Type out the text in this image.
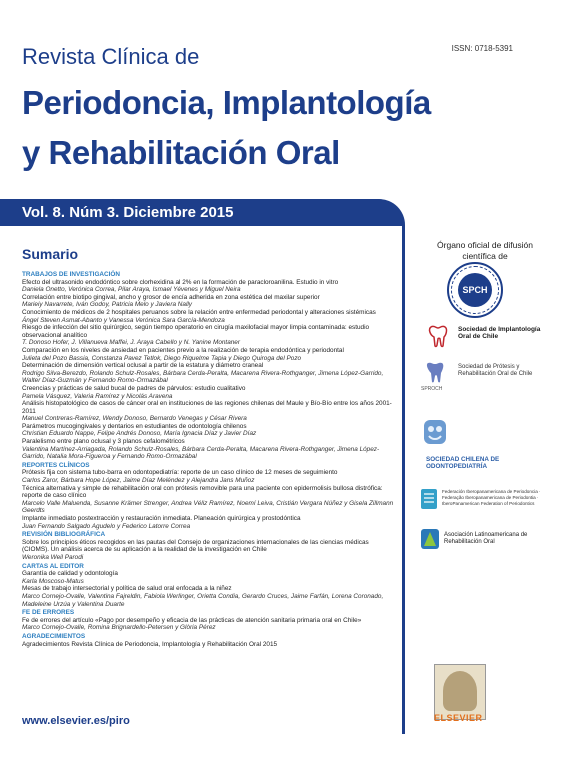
ISSN: 0718-5391
Revista Clínica de
Periodoncia, Implantología
y Rehabilitación Oral
Vol. 8. Núm 3. Diciembre 2015
Sumario
TRABAJOS DE INVESTIGACIÓN
Efecto del ultrasonido endodóntico sobre clorhexidina al 2% en la formación de paracloroanilina. Estudio in vitro
Daniela Onetto, Verónica Correa, Pilar Araya, Ismael Yévenes y Miguel Neira
Correlación entre biotipo gingival, ancho y grosor de encía adherida en zona estética del maxilar superior
Marieiy Navarrete, Iván Godoy, Patricia Melo y Javiera Nally
Conocimiento de médicos de 2 hospitales peruanos sobre la relación entre enfermedad periodontal y alteraciones sistémicas
Ángel Steven Asmat-Abanto y Vanessa Verónica Sara García-Mendoza
Riesgo de infección del sitio quirúrgico, según tiempo operatorio en cirugía maxilofacial mayor limpia contaminada: estudio observacional analítico
T. Donoso Hofer, J. Villanueva Maffei, J. Araya Cabello y N. Yanine Montaner
Comparación en los niveles de ansiedad en pacientes previo a la realización de terapia endodóntica y periodontal
Julieta del Pozo Bassia, Constanza Pavez Tetlok, Diego Riquelme Tapia y Diego Quiroga del Pozo
Determinación de dimensión vertical oclusal a partir de la estatura y diámetro craneal
Rodrigo Silva-Berezdo, Rolando Schulz-Rosales, Bárbara Cerda-Peralta, Macarena Rivera-Rothganger, Jimena López-Garrido, Walter Díaz-Guzmán y Fernando Romo-Ormazábal
Creencias y prácticas de salud bucal de padres de párvulos: estudio cualitativo
Pamela Vásquez, Valeria Ramírez y Nicolás Aravena
Análisis histopatológico de casos de cáncer oral en instituciones de las regiones chilenas del Maule y Bío-Bío entre los años 2001-2011
Manuel Contreras-Ramírez, Wendy Donoso, Bernardo Venegas y César Rivera
Parámetros mucogingivales y dentarios en estudiantes de odontología chilenos
Christian Eduardo Nappe, Felipe Andrés Donoso, María Ignacia Díaz y Javier Díaz
Paralelismo entre plano oclusal y 3 planos cefalométricos
Valentina Martínez-Arriagada, Rolando Schulz-Rosales, Bárbara Cerda-Peralta, Macarena Rivera-Rothganger, Jimena López-Garrido, Natalia Mora-Figueroa y Fernando Romo-Ormazábal
REPORTES CLÍNICOS
Prótesis fija con sistema tubo-barra en odontopediatría: reporte de un caso clínico de 12 meses de seguimiento
Carlos Zaror, Bárbara Hope López, Jaime Díaz Meléndez y Alejandra Jans Muñoz
Técnica alternativa y simple de rehabilitación oral con prótesis removible para una paciente con epidermolisis bullosa distrófica: reporte de caso clínico
Marcelo Valle Maluenda, Susanne Krämer Strenger, Andrea Véliz Ramírez, Noemí Leiva, Cristián Vergara Núñez y Gisela Zillmann Geerdts
Implante inmediato postextracción y restauración inmediata. Planeación quirúrgica y prostodóntica
Juan Fernando Salgado Agudelo y Federico Latorre Correa
REVISIÓN BIBLIOGRÁFICA
Sobre los principios éticos recogidos en las pautas del Consejo de organizaciones internacionales de las ciencias médicas (CIOMS). Un análisis acerca de su aplicación a la realidad de la investigación en Chile
Weronika Weil Parodi
CARTAS AL EDITOR
Garantía de calidad y odontología
Karla Moscoso-Matus
Mesas de trabajo intersectorial y política de salud oral enfocada a la niñez
Marco Cornejo-Ovalle, Valentina Fajreldin, Fabiola Werlinger, Orietta Condia, Gerardo Cruces, Jaime Farfán, Lorena Coronado, Madeleine Urzúa y Valentina Duarte
FE DE ERRORES
Fe de errores del artículo «Pago por desempeño y eficacia de las prácticas de atención sanitaria primaria oral en Chile»
Marco Cornejo-Ovalle, Romina Brignardello-Petersen y Glòria Pérez
AGRADECIMIENTOS
Agradecimientos Revista Clínica de Periodoncia, Implantología y Rehabilitación Oral 2015
www.elsevier.es/piro
Órgano oficial de difusión científica de
SPCH
Sociedad de Implantología Oral de Chile
SPROCH
Sociedad de Prótesis y Rehabilitación Oral de Chile
SOCIEDAD CHILENA DE ODONTOPEDIATRÍA
Federación Iberopanamericana de Periodoncia · Federação Iberopanamericana de Periodontia · IberoPanamerican Federation of Periodontics
Asociación Latinoamericana de Rehabilitación Oral
ELSEVIER
